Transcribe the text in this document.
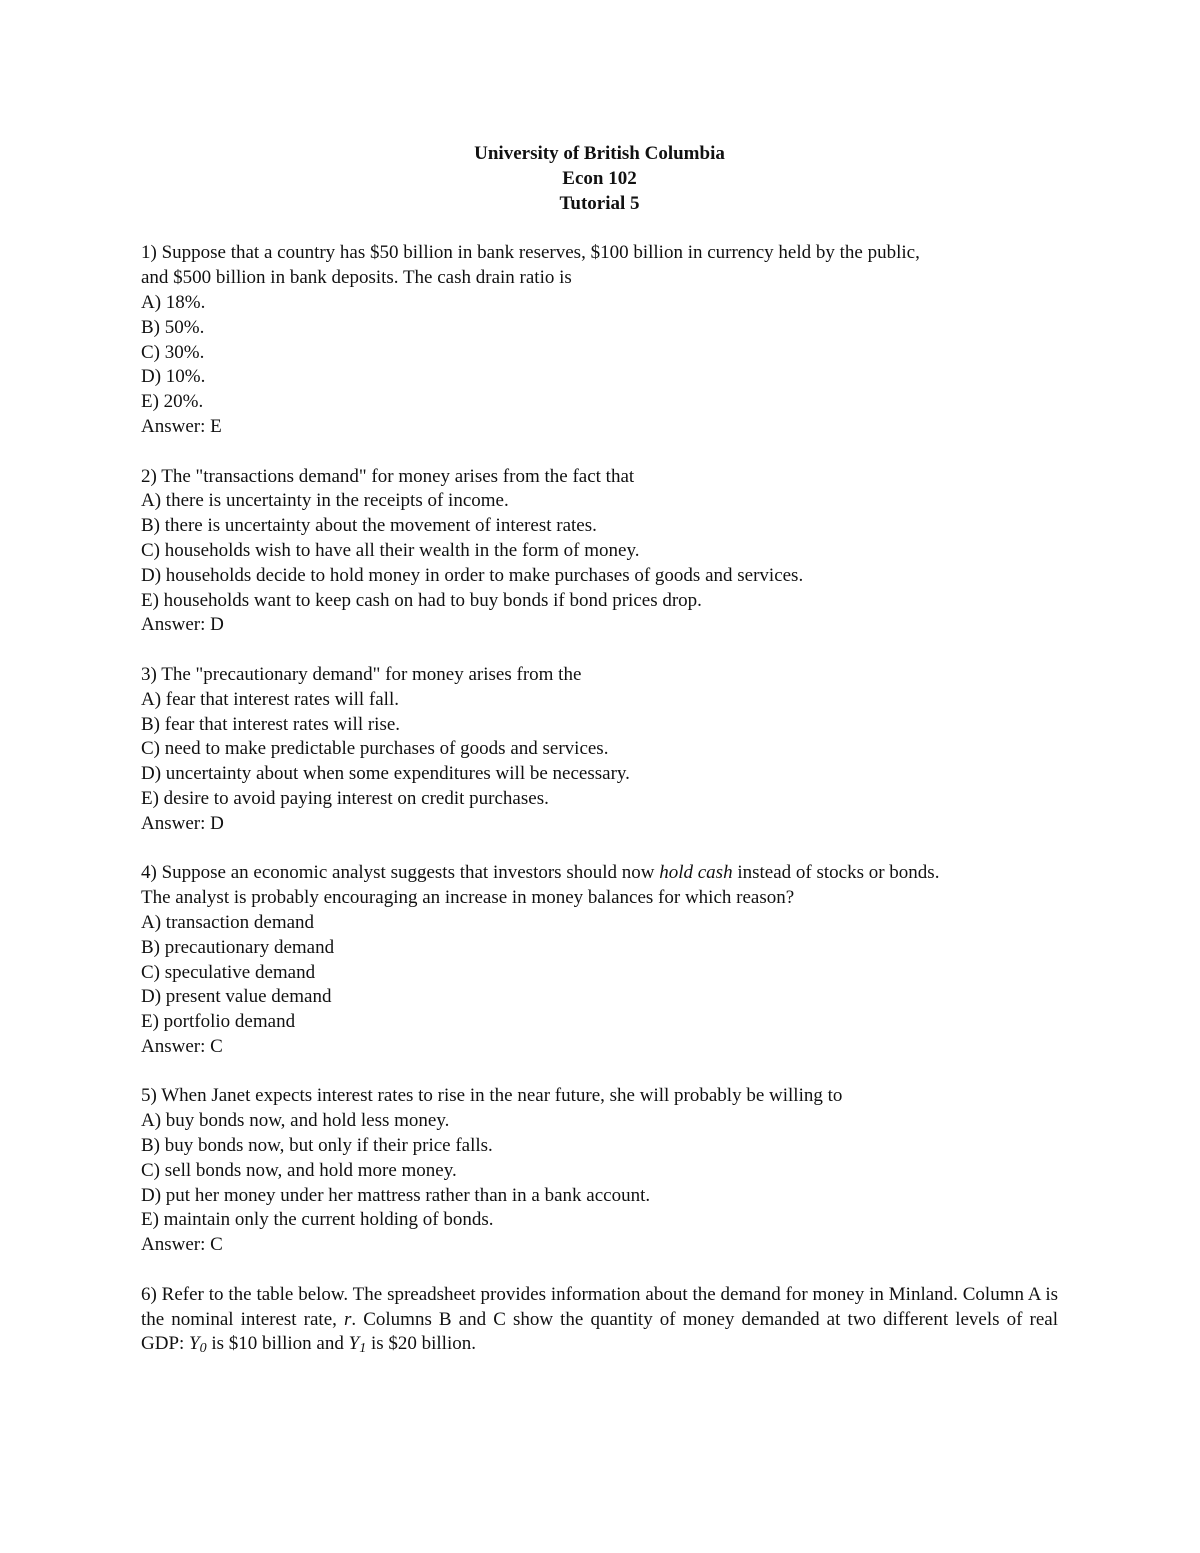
University of British Columbia
Econ 102
Tutorial 5
1) Suppose that a country has $50 billion in bank reserves, $100 billion in currency held by the public,
and $500 billion in bank deposits. The cash drain ratio is
A) 18%.
B) 50%.
C) 30%.
D) 10%.
E) 20%.
Answer: E
2) The "transactions demand" for money arises from the fact that
A) there is uncertainty in the receipts of income.
B) there is uncertainty about the movement of interest rates.
C) households wish to have all their wealth in the form of money.
D) households decide to hold money in order to make purchases of goods and services.
E) households want to keep cash on had to buy bonds if bond prices drop.
Answer: D
3) The "precautionary demand" for money arises from the
A) fear that interest rates will fall.
B) fear that interest rates will rise.
C) need to make predictable purchases of goods and services.
D) uncertainty about when some expenditures will be necessary.
E) desire to avoid paying interest on credit purchases.
Answer: D
4) Suppose an economic analyst suggests that investors should now hold cash instead of stocks or bonds.
The analyst is probably encouraging an increase in money balances for which reason?
A) transaction demand
B) precautionary demand
C) speculative demand
D) present value demand
E) portfolio demand
Answer: C
5) When Janet expects interest rates to rise in the near future, she will probably be willing to
A) buy bonds now, and hold less money.
B) buy bonds now, but only if their price falls.
C) sell bonds now, and hold more money.
D) put her money under her mattress rather than in a bank account.
E) maintain only the current holding of bonds.
Answer: C
6) Refer to the table below. The spreadsheet provides information about the demand for money in Minland. Column A is the nominal interest rate, r. Columns B and C show the quantity of money demanded at two different levels of real GDP: $Y_0$ is $10 billion and $Y_1$ is $20 billion.
